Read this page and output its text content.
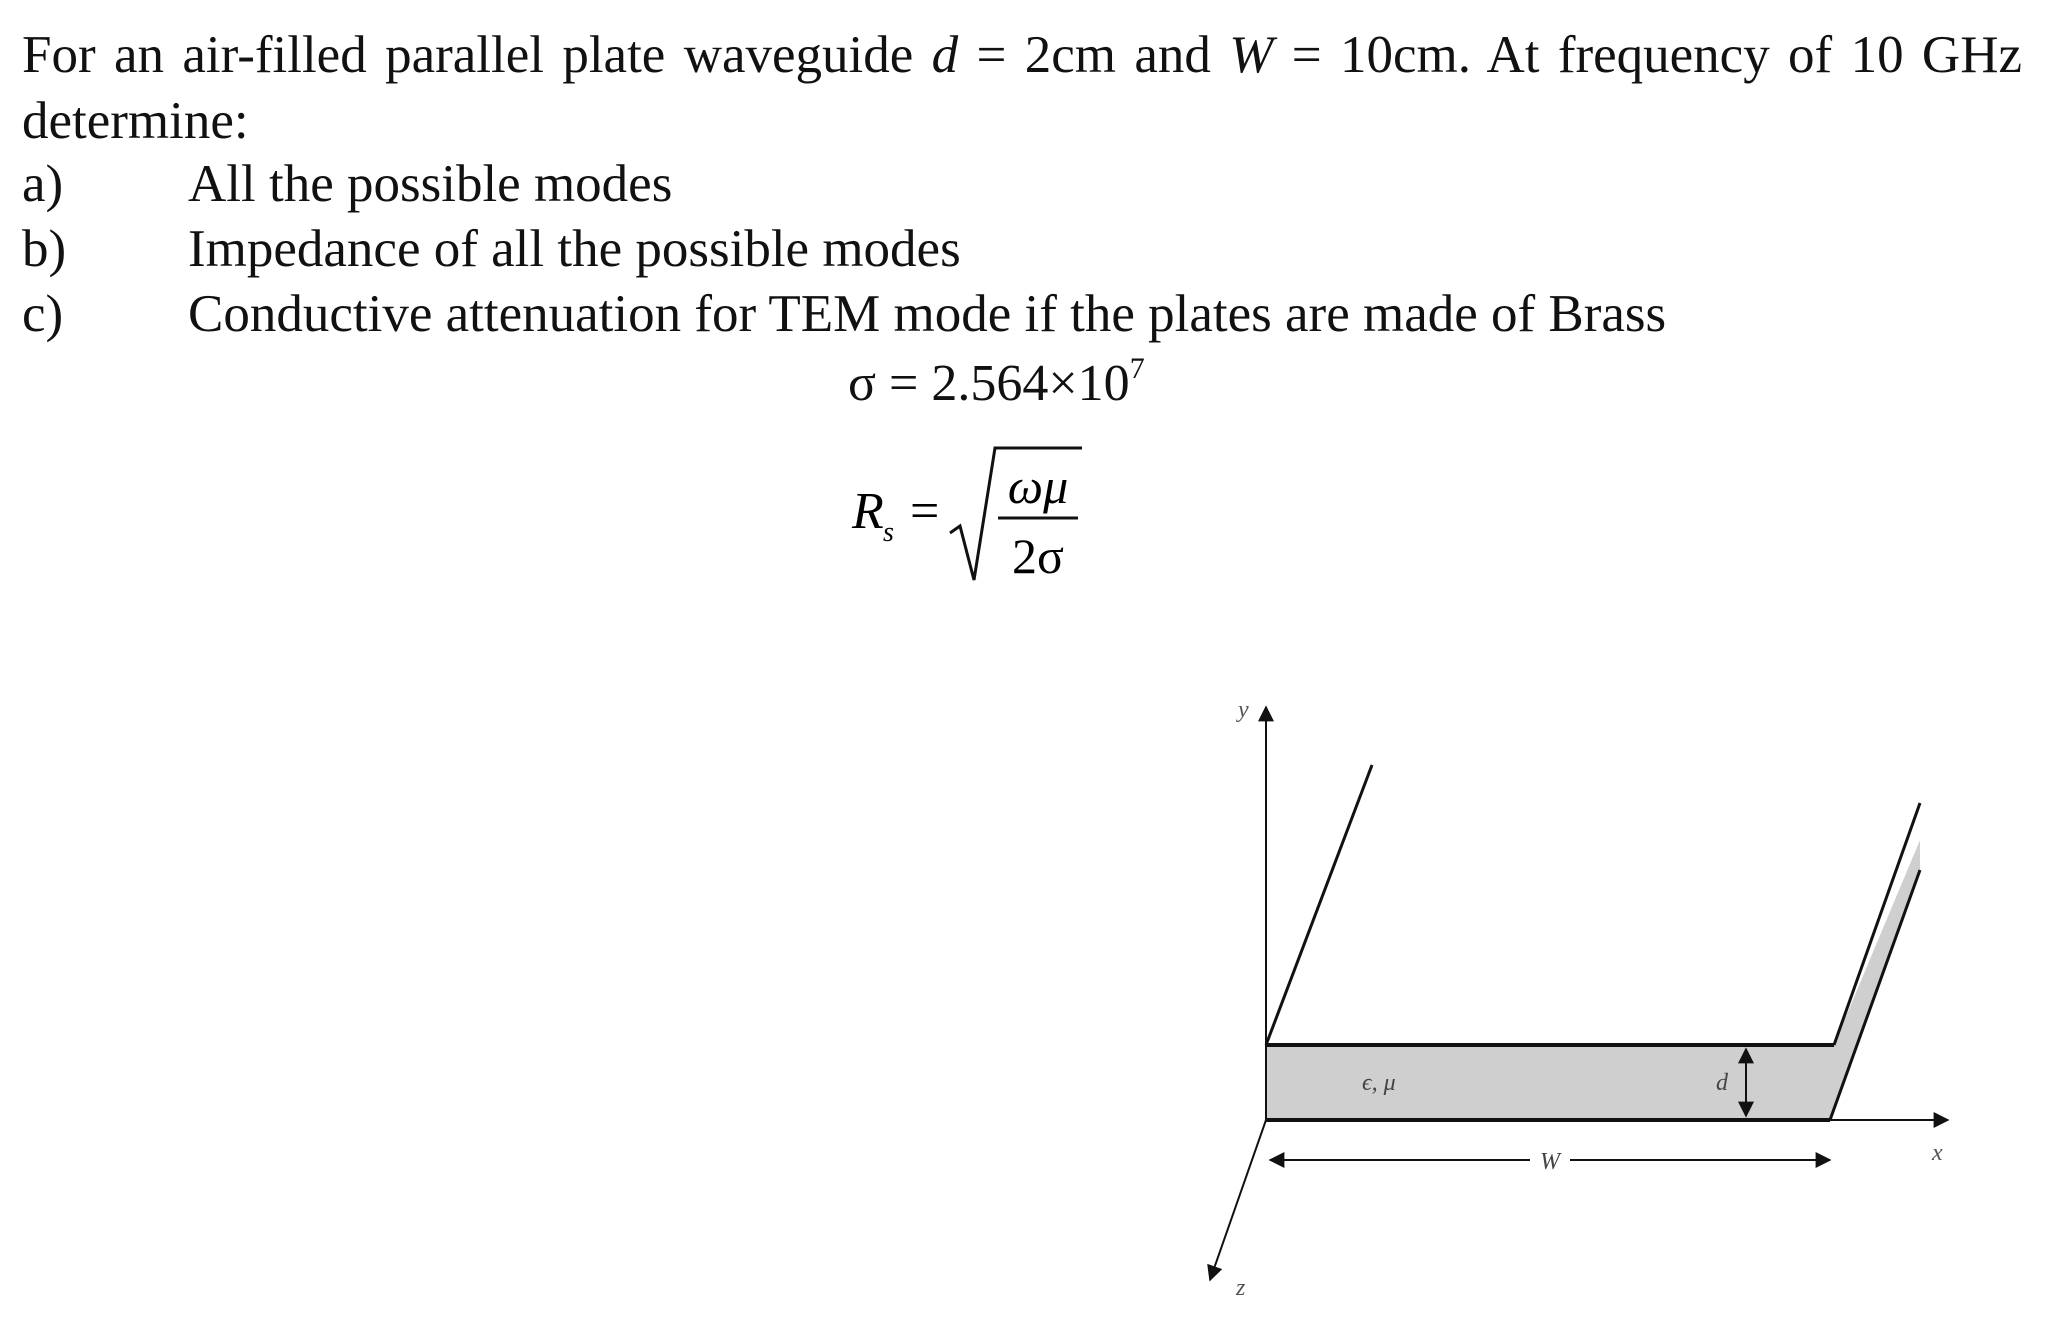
For an air-filled parallel plate waveguide d = 2cm and W = 10cm. At frequency of 10 GHz determine:
a)	All the possible modes
b)	Impedance of all the possible modes
c)	Conductive attenuation for TEM mode if the plates are made of Brass
$\sigma = 2.564\times 10^7$
R s = ωμ
2σ
y
x
z
ϵ, μ	d
W
